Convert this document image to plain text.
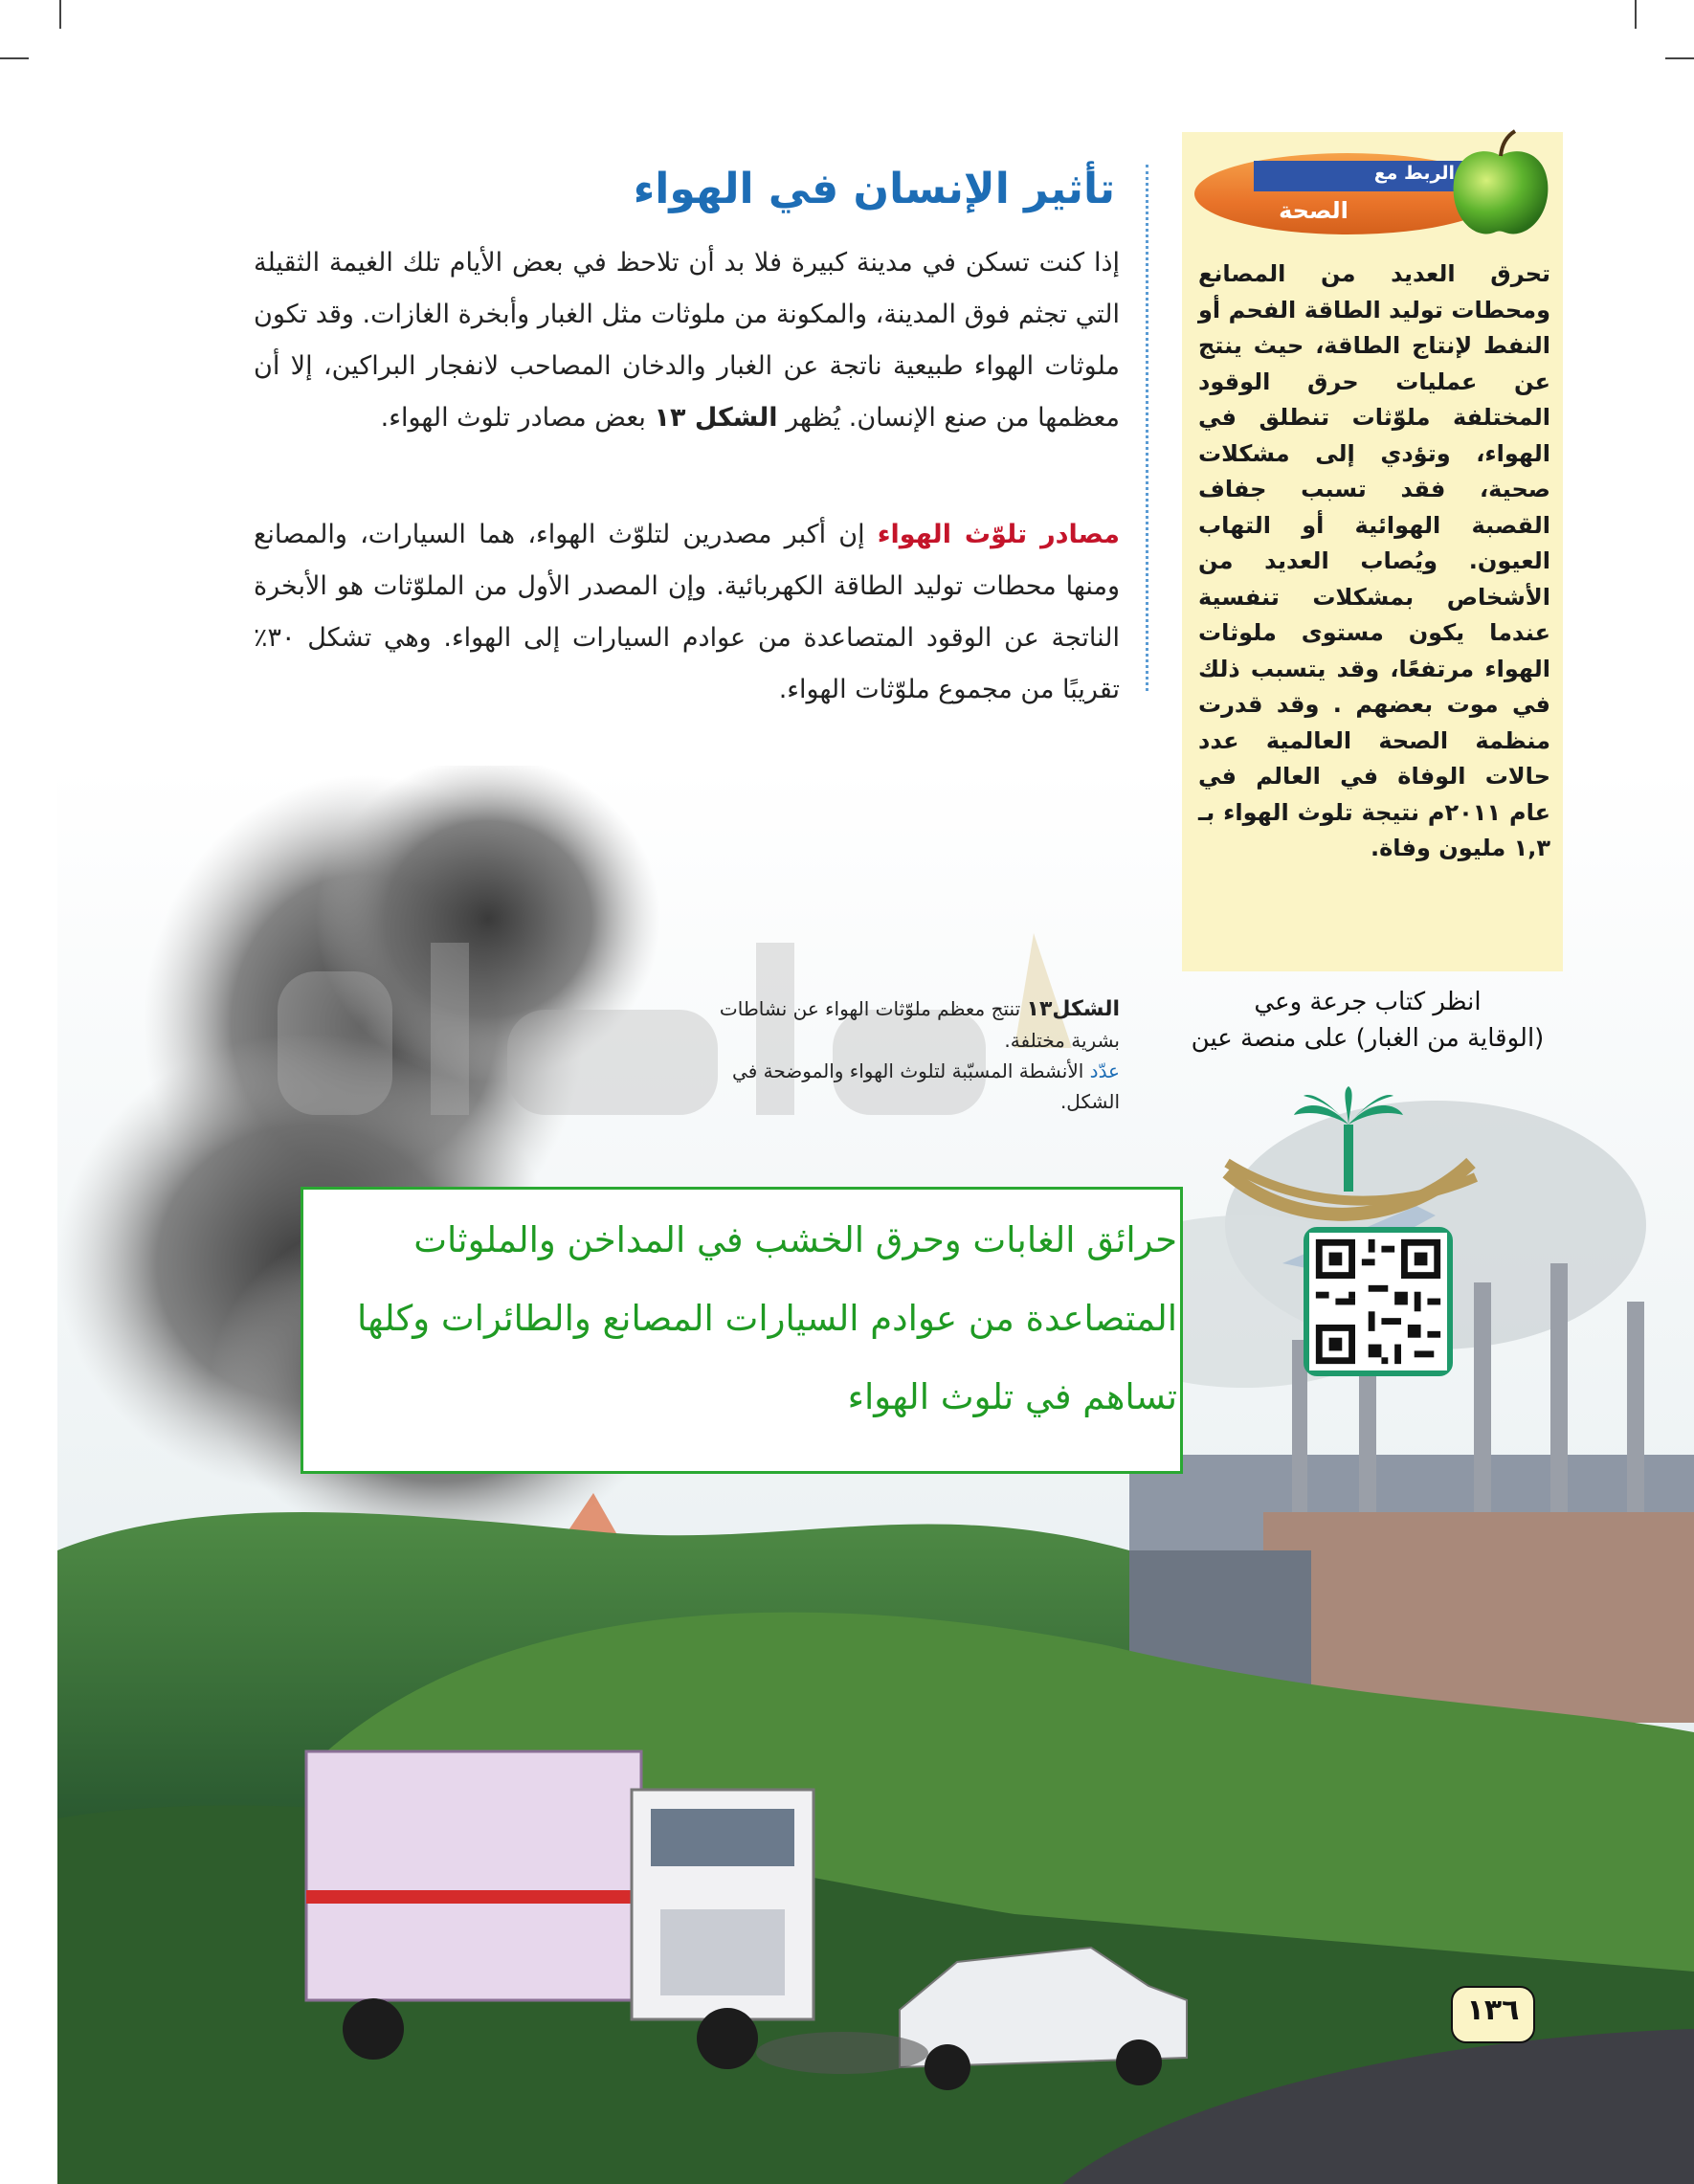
تأثير الإنسان في الهواء
إذا كنت تسكن في مدينة كبيرة فلا بد أن تلاحظ في بعض الأيام تلك الغيمة الثقيلة التي تجثم فوق المدينة، والمكونة من ملوثات مثل الغبار وأبخرة الغازات. وقد تكون ملوثات الهواء طبيعية ناتجة عن الغبار والدخان المصاحب لانفجار البراكين، إلا أن معظمها من صنع الإنسان. يُظهر الشكل ١٣ بعض مصادر تلوث الهواء.
مصادر تلوّث الهواء إن أكبر مصدرين لتلوّث الهواء، هما السيارات، والمصانع ومنها محطات توليد الطاقة الكهربائية. وإن المصدر الأول من الملوّثات هو الأبخرة الناتجة عن الوقود المتصاعدة من عوادم السيارات إلى الهواء. وهي تشكل ٣٠٪ تقريبًا من مجموع ملوّثات الهواء.
الربط مع
الصحة
تحرق العديد من المصانع ومحطات توليد الطاقة الفحم أو النفط لإنتاج الطاقة، حيث ينتج عن عمليات حرق الوقود المختلفة ملوّثات تنطلق في الهواء، وتؤدي إلى مشكلات صحية، فقد تسبب جفاف القصبة الهوائية أو التهاب العيون. ويُصاب العديد من الأشخاص بمشكلات تنفسية عندما يكون مستوى ملوثات الهواء مرتفعًا، وقد يتسبب ذلك في موت بعضهم . وقد قدرت منظمة الصحة العالمية عدد حالات الوفاة في العالم في عام ٢٠١١م نتيجة تلوث الهواء بـ ١,٣ مليون وفاة.
انظر كتاب جرعة وعي
(الوقاية من الغبار) على منصة عين
الشكل١٣ تنتج معظم ملوّثات الهواء عن نشاطات بشرية مختلفة.
عدّد الأنشطة المسبّبة لتلوث الهواء والموضحة في الشكل.
حرائق الغابات وحرق الخشب في المداخن والملوثات
المتصاعدة من عوادم السيارات المصانع والطائرات وكلها
تساهم في تلوث الهواء
١٣٦
